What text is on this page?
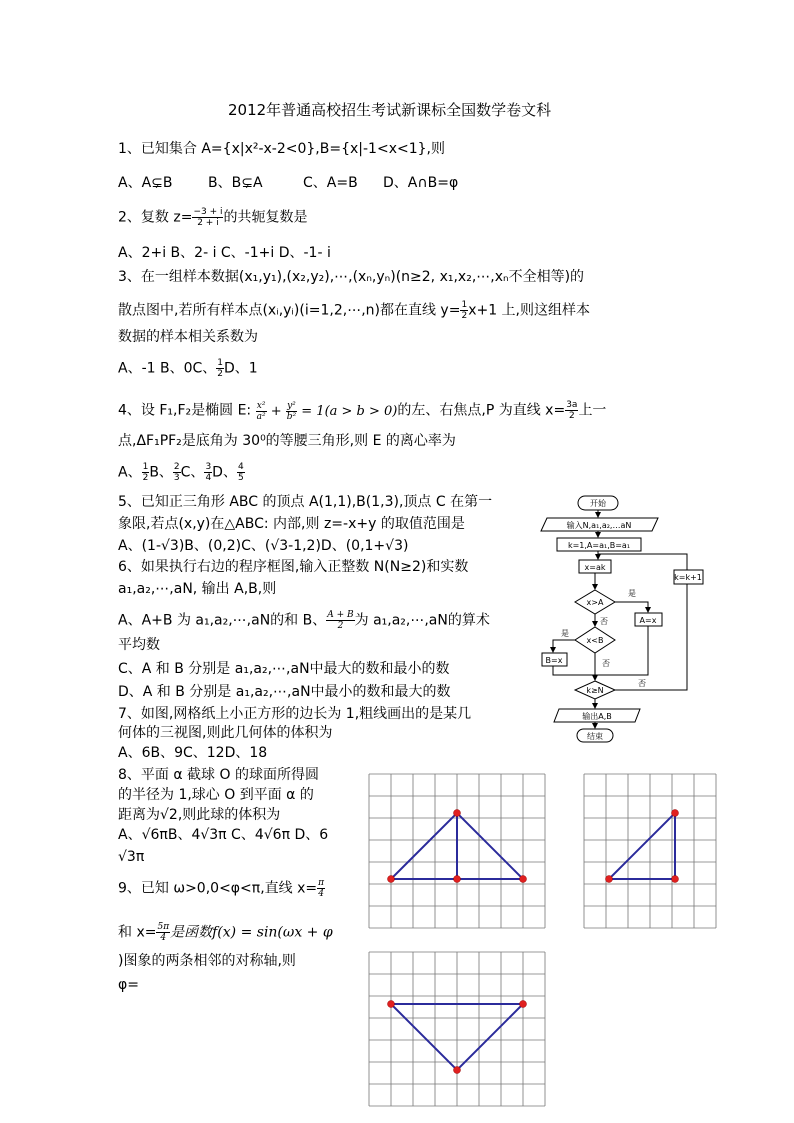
2012年普通高校招生考试新课标全国数学卷文科
1、已知集合 A={x|x²-x-2<0},B={x|-1<x<1},则
A、A⊊B	B、B⊊A	C、A=B D、A∩B=φ
2、复数 $z= \frac{-3 + i}{2 + i}$ 的共轭复数是
A、2+i B、2- i C、-1+i D、-1- i
3、在一组样本数据(x₁,y₁),(x₂,y₂),⋯,(xₙ,yₙ)(n≥2, x₁,x₂,⋯,xₙ不全相等)的
散点图中,若所有样本点(xᵢ,yᵢ)(i=1,2,⋯,n)都在直线 $y= \frac{1}{2} x+1$ 上,则这组样本
数据的样本相关系数为
A、-1 B、0C、 $\frac{1}{2}$ D、1
4、设 F₁,F₂是椭圆 E: $\frac{\text{x²}}{\text{a²}} + \frac{\text{y²}}{\text{b²}} = 1(a > b > 0)$的左、右焦点,P 为直线 $x= \frac{3a}{2}$ 上一
点,ΔF₁PF₂是底角为 30⁰的等腰三角形,则 E 的离心率为
A、 $\frac{1}{2}$ B、 $\frac{2}{3}$ C、 $\frac{3}{4}$ D、 $\frac{4}{5}$
5、已知正三角形 ABC 的顶点 A(1,1),B(1,3),顶点 C 在第一
象限,若点(x,y)在△ABC: 内部,则 z=-x+y 的取值范围是
A、(1-√3)B、(0,2)C、(√3-1,2)D、(0,1+√3)
6、如果执行右边的程序框图,输入正整数 N(N≥2)和实数
a₁,a₂,⋯,aN, 输出 A,B,则
A、A+B 为 a₁,a₂,⋯,aN的和 B、 $\frac{A + B}{2}$ 为 a₁,a₂,⋯,aN的算术
平均数
C、A 和 B 分别是 a₁,a₂,⋯,aN中最大的数和最小的数
D、A 和 B 分别是 a₁,a₂,⋯,aN中最小的数和最大的数
7、如图,网格纸上小正方形的边长为 1,粗线画出的是某几
何体的三视图,则此几何体的体积为
A、6B、9C、12D、18
8、平面 α 截球 O 的球面所得圆
的半径为 1,球心 O 到平面 α 的
距离为√2,则此球的体积为
A、√6πB、4√3π C、4√6π D、6
√3π
9、已知 ω>0,0<φ<π,直线 $x= \frac{\pi}{4}$
和 $x= \frac{5\pi}{4}$ 是函数f(x) = sin(ωx + φ
)图象的两条相邻的对称轴,则
φ=
开始
输入N,a₁,a₂,…aN
k=1,A=a₁,B=a₁
x=ak
x>A
是
A=x
否
x<B
是
B=x	否
k≥N
否
k=k+1
输出A,B
结束
